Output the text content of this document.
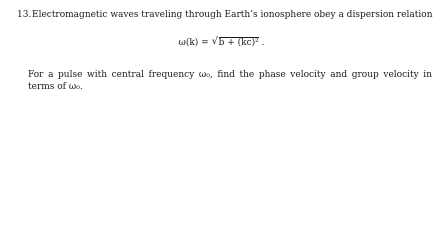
13.Electromagnetic waves traveling through Earth’s ionosphere obey a dispersion relation
ω(k) = √ b + (kc)² .
For a pulse with central frequency ω₀, find the phase velocity and group velocity in terms of ω₀.
